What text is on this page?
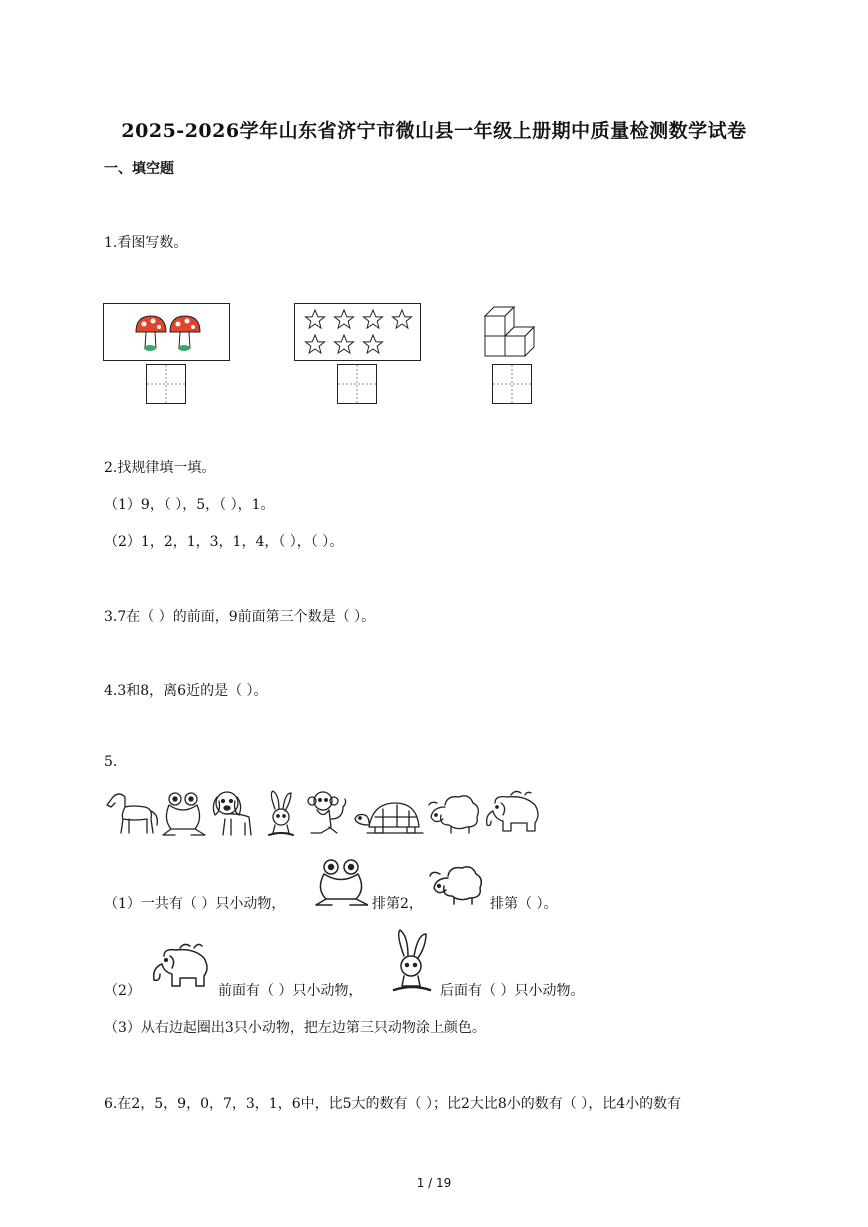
2025-2026学年山东省济宁市微山县一年级上册期中质量检测数学试卷
一、填空题
1.看图写数。
2.找规律填一填。
（1）9，（ ），5，（ ），1。
（2）1，2，1，3，1，4，（ ），（ ）。
3.7在（ ）的前面，9前面第三个数是（ ）。
4.3和8，离6近的是（ ）。
5.
（1）一共有（ ）只小动物，	排第2，	排第（ ）。
（2）	前面有（ ）只小动物，	后面有（ ）只小动物。
（3）从右边起圈出3只小动物，把左边第三只动物涂上颜色。
6.在2，5，9，0，7，3，1，6中，比5大的数有（ ）；比2大比8小的数有（ ），比4小的数有
1 / 19
